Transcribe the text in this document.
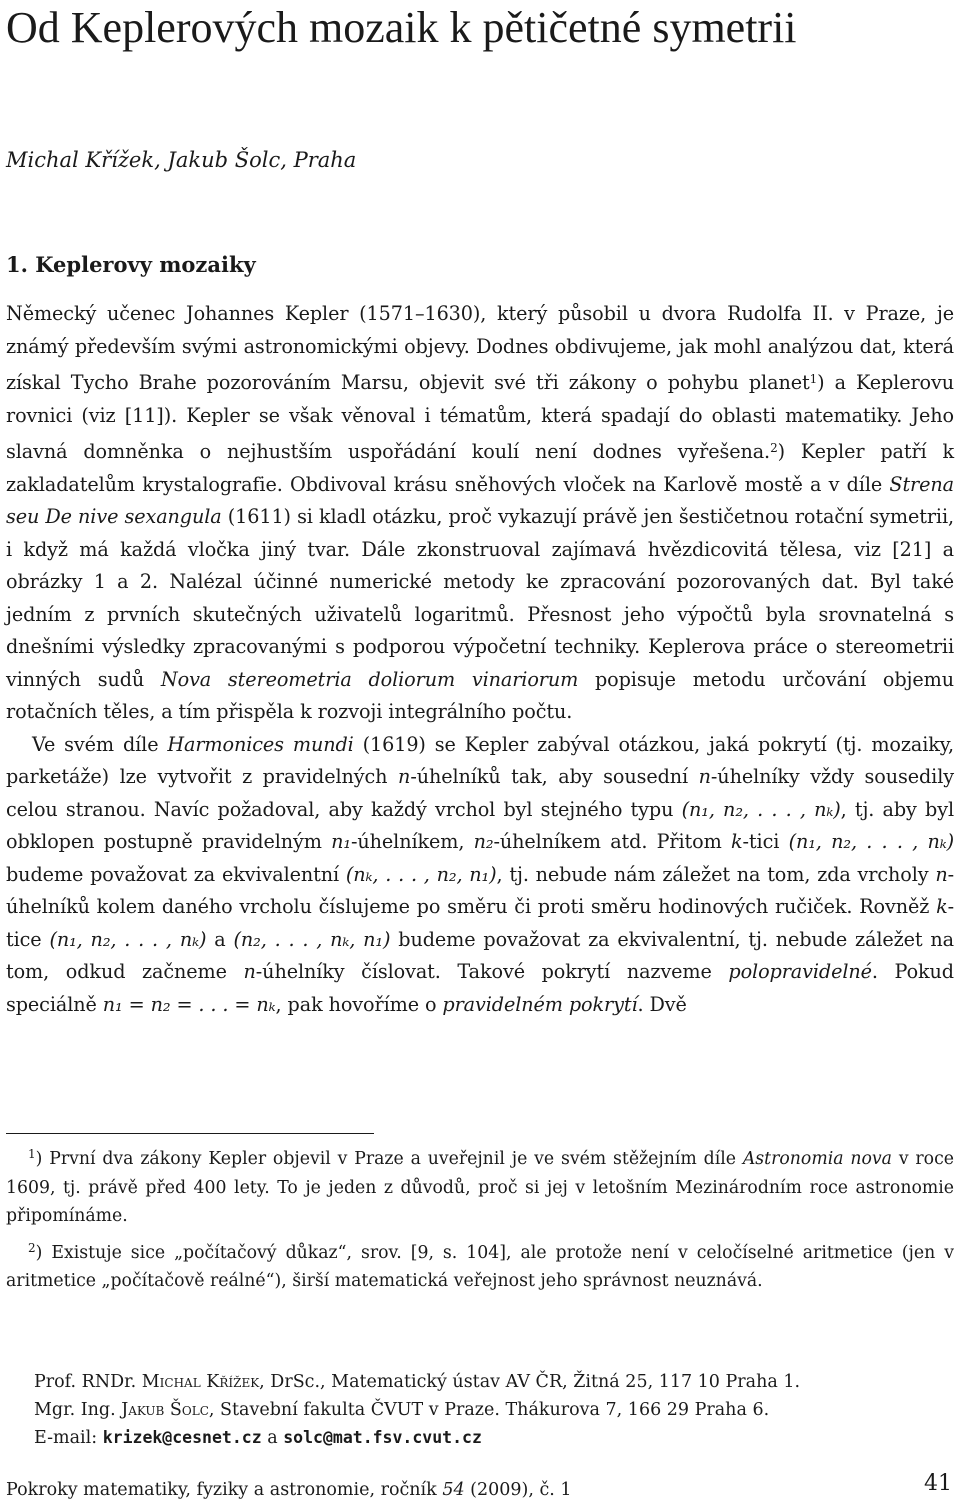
Od Keplerových mozaik k pětičetné symetrii
Michal Křížek, Jakub Šolc, Praha
1. Keplerovy mozaiky

Německý učenec Johannes Kepler (1571–1630), který působil u dvora Rudolfa II. v Praze, je známý především svými astronomickými objevy. Dodnes obdivujeme, jak mohl analýzou dat, která získal Tycho Brahe pozorováním Marsu, objevit své tři zákony o pohybu planet$^1$) a Keplerovu rovnici (viz [11]). Kepler se však věnoval i tématům, která spadají do oblasti matematiky. Jeho slavná domněnka o nejhustším uspořádání koulí není dodnes vyřešena.$^2$) Kepler patří k zakladatelům krystalografie. Obdivoval krásu sněhových vloček na Karlově mostě a v díle Strena seu De nive sexangula (1611) si kladl otázku, proč vykazují právě jen šestičetnou rotační symetrii, i když má každá vločka jiný tvar. Dále zkonstruoval zajímavá hvězdicovitá tělesa, viz [21] a obrázky 1 a 2. Nalézal účinné numerické metody ke zpracování pozorovaných dat. Byl také jedním z prvních skutečných uživatelů logaritmů. Přesnost jeho výpočtů byla srovnatelná s dnešními výsledky zpracovanými s podporou výpočetní techniky. Keplerova práce o stereometrii vinných sudů Nova stereometria doliorum vinariorum popisuje metodu určování objemu rotačních těles, a tím přispěla k rozvoji integrálního počtu.

Ve svém díle Harmonices mundi (1619) se Kepler zabýval otázkou, jaká pokrytí (tj. mozaiky, parketáže) lze vytvořit z pravidelných n-úhelníků tak, aby sousední n-úhelníky vždy sousedily celou stranou. Navíc požadoval, aby každý vrchol byl stejného typu (n₁, n₂, . . . , nₖ), tj. aby byl obklopen postupně pravidelným n₁-úhelníkem, n₂-úhelníkem atd. Přitom k-tici (n₁, n₂, . . . , nₖ) budeme považovat za ekvivalentní (nₖ, . . . , n₂, n₁), tj. nebude nám záležet na tom, zda vrcholy n-úhelníků kolem daného vrcholu číslujeme po směru či proti směru hodinových ručiček. Rovněž k-tice (n₁, n₂, . . . , nₖ) a (n₂, . . . , nₖ, n₁) budeme považovat za ekvivalentní, tj. nebude záležet na tom, odkud začneme n-úhelníky číslovat. Takové pokrytí nazveme polopravidelné. Pokud speciálně n₁ = n₂ = . . . = nₖ, pak hovoříme o pravidelném pokrytí. Dvě

$^1$) První dva zákony Kepler objevil v Praze a uveřejnil je ve svém stěžejním díle Astronomia nova v roce 1609, tj. právě před 400 lety. To je jeden z důvodů, proč si jej v letošním Mezinárodním roce astronomie připomínáme.

$^2$) Existuje sice „počítačový důkaz“, srov. [9, s. 104], ale protože není v celočíselné aritmetice (jen v aritmetice „počítačově reálné“), širší matematická veřejnost jeho správnost neuznává.

Prof. RNDr. Michal Křížek, DrSc., Matematický ústav AV ČR, Žitná 25, 117 10 Praha 1.
Mgr. Ing. Jakub Šolc, Stavební fakulta ČVUT v Praze. Thákurova 7, 166 29 Praha 6.
E-mail: krizek@cesnet.cz a solc@mat.fsv.cvut.cz
Pokroky matematiky, fyziky a astronomie, ročník 54 (2009), č. 1	41
